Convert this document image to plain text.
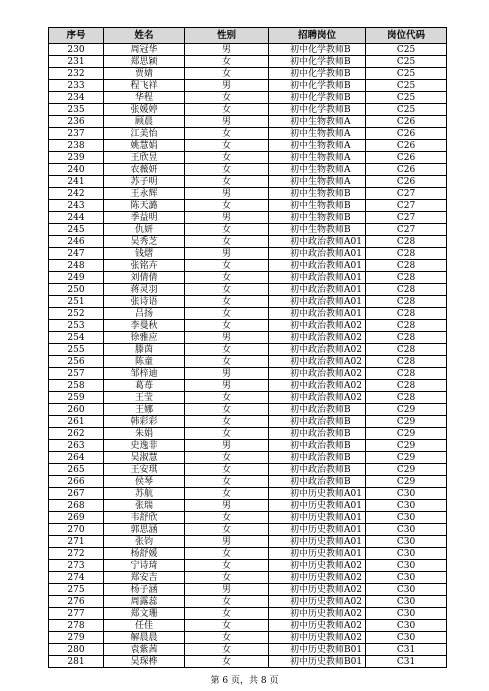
序号	姓名	性别	招聘岗位	岗位代码
230	周冠华	男	初中化学教师B	C25
231	郑思颖	女	初中化学教师B	C25
232	贾婧	女	初中化学教师B	C25
233	程飞祥	男	初中化学教师B	C25
234	华程	女	初中化学教师B	C25
235	张媛婷	女	初中化学教师B	C25
236	顾晨	男	初中生物教师A	C26
237	江美怡	女	初中生物教师A	C26
238	姚慧娟	女	初中生物教师A	C26
239	王欣昱	女	初中生物教师A	C26
240	农薇妍	女	初中生物教师A	C26
241	苏子明	女	初中生物教师A	C26
242	王永辉	男	初中生物教师B	C27
243	陈天潞	女	初中生物教师B	C27
244	季益明	男	初中生物教师B	C27
245	仇妍	女	初中生物教师B	C27
246	吴秀芝	女	初中政治教师A01	C28
247	钱熠	男	初中政治教师A01	C28
248	张铭卉	女	初中政治教师A01	C28
249	刘倩倩	女	初中政治教师A01	C28
250	蒋灵羽	女	初中政治教师A01	C28
251	张诗语	女	初中政治教师A01	C28
252	吕扬	女	初中政治教师A01	C28
253	李曼秋	女	初中政治教师A02	C28
254	徐雅应	男	初中政治教师A02	C28
255	滕茵	女	初中政治教师A02	C28
256	陈童	女	初中政治教师A02	C28
257	邹梓迪	男	初中政治教师A02	C28
258	葛苺	男	初中政治教师A02	C28
259	王莹	女	初中政治教师A02	C28
260	王娜	女	初中政治教师B	C29
261	韩彩彩	女	初中政治教师B	C29
262	朱娟	女	初中政治教师B	C29
263	史逸非	男	初中政治教师B	C29
264	吴淑慧	女	初中政治教师B	C29
265	王安琪	女	初中政治教师B	C29
266	侯琴	女	初中政治教师B	C29
267	苏航	女	初中历史教师A01	C30
268	张瑞	男	初中历史教师A01	C30
269	韦舒欣	女	初中历史教师A01	C30
270	郭思涵	女	初中历史教师A01	C30
271	张钧	男	初中历史教师A01	C30
272	杨舒媛	女	初中历史教师A01	C30
273	宁诗琦	女	初中历史教师A02	C30
274	郑安吉	女	初中历史教师A02	C30
275	杨子涵	男	初中历史教师A02	C30
276	周露蕊	女	初中历史教师A02	C30
277	郑文珊	女	初中历史教师A02	C30
278	任佳	女	初中历史教师A02	C30
279	解晨晨	女	初中历史教师A02	C30
280	袁紫茜	女	初中历史教师B01	C31
281	吴琛桦	女	初中历史教师B01	C31
第 6 页，共 8 页
